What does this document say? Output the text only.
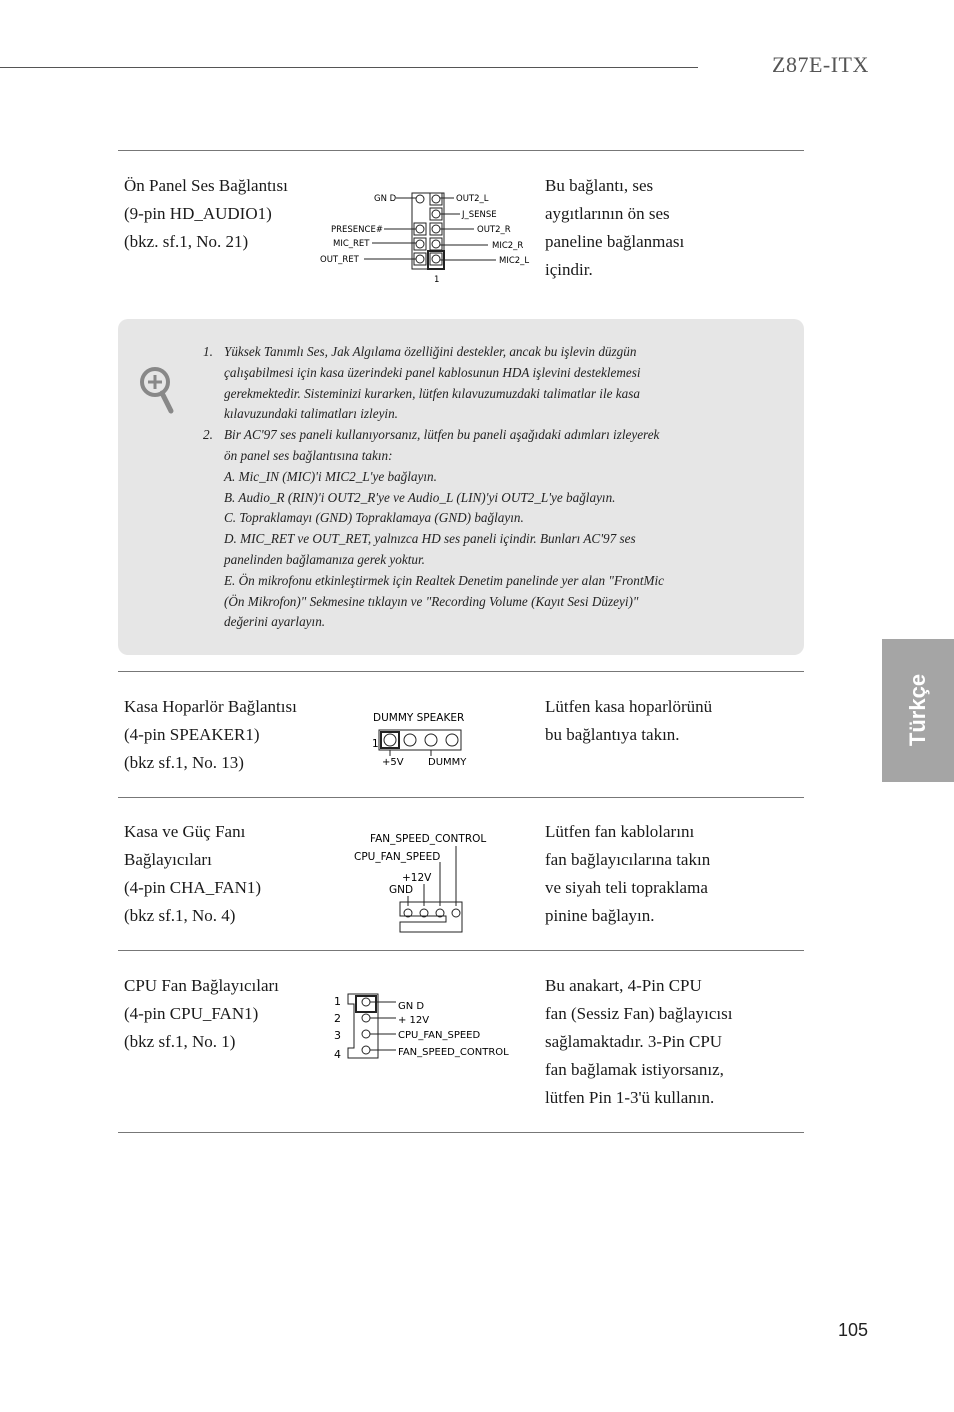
Z87E-ITX
Türkçe
Ön Panel Ses Bağlantısı
(9-pin HD_AUDIO1)
(bkz. sf.1, No. 21)
Bu bağlantı, ses
aygıtlarının ön ses
paneline bağlanması
içindir.
GN D	OUT2_L
J_SENSE
PRESENCE#	OUT2_R
MIC_RET	MIC2_R
OUT_RET	MIC2_L
1
1. Yüksek Tanımlı Ses, Jak Algılama özelliğini destekler, ancak bu işlevin düzgün
çalışabilmesi için kasa üzerindeki panel kablosunun HDA işlevini desteklemesi
gerekmektedir. Sisteminizi kurarken, lütfen kılavuzumuzdaki talimatlar ile kasa
kılavuzundaki talimatları izleyin.
2. Bir AC'97 ses paneli kullanıyorsanız, lütfen bu paneli aşağıdaki adımları izleyerek
ön panel ses bağlantısına takın:
A. Mic_IN (MIC)'i MIC2_L'ye bağlayın.
B. Audio_R (RIN)'i OUT2_R'ye ve Audio_L (LIN)'yi OUT2_L'ye bağlayın.
C. Topraklamayı (GND) Topraklamaya (GND) bağlayın.
D. MIC_RET ve OUT_RET, yalnızca HD ses paneli içindir. Bunları AC'97 ses
panelinden bağlamanıza gerek yoktur.
E. Ön mikrofonu etkinleştirmek için Realtek Denetim panelinde yer alan "FrontMic
(Ön Mikrofon)" Sekmesine tıklayın ve "Recording Volume (Kayıt Sesi Düzeyi)"
değerini ayarlayın.
Kasa Hoparlör Bağlantısı
(4-pin SPEAKER1)
(bkz sf.1, No. 13)
Lütfen kasa hoparlörünü
bu bağlantıya takın.
DUMMY SPEAKER
1
+5V DUMMY
Kasa ve Güç Fanı
Bağlayıcıları
(4-pin CHA_FAN1)
(bkz sf.1, No. 4)
Lütfen fan kablolarını
fan bağlayıcılarına takın
ve siyah teli topraklama
pinine bağlayın.
FAN_SPEED_CONTROL
CPU_FAN_SPEED
+12V
GND
CPU Fan Bağlayıcıları
(4-pin CPU_FAN1)
(bkz sf.1, No. 1)
Bu anakart, 4-Pin CPU
fan (Sessiz Fan) bağlayıcısı
sağlamaktadır. 3-Pin CPU
fan bağlamak istiyorsanız,
lütfen Pin 1-3'ü kullanın.
1
2
3
4
GN D
+ 12V
CPU_FAN_SPEED
FAN_SPEED_CONTROL
105
